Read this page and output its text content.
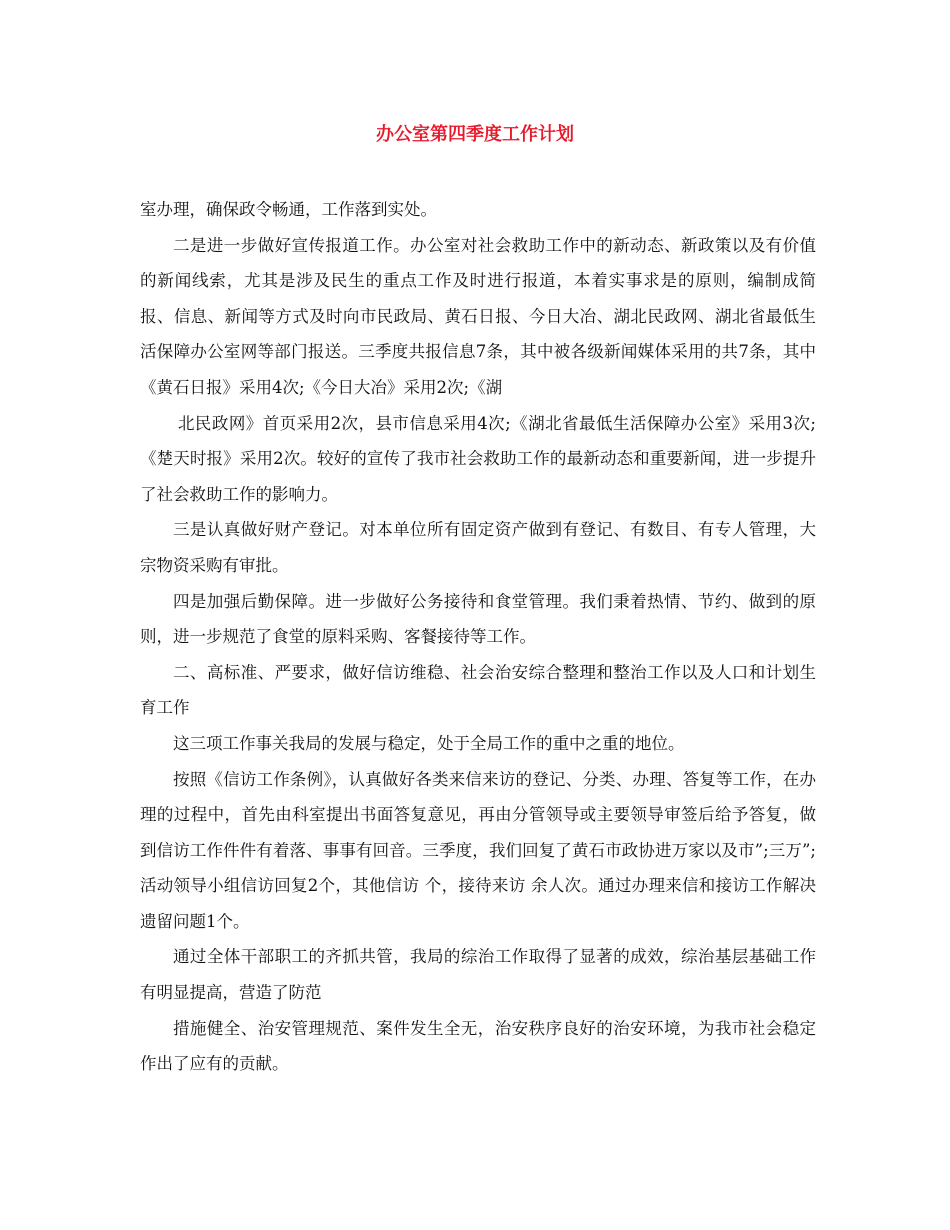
办公室第四季度工作计划

室办理，确保政令畅通，工作落到实处。

二是进一步做好宣传报道工作。办公室对社会救助工作中的新动态、新政策以及有价值的新闻线索，尤其是涉及民生的重点工作及时进行报道，本着实事求是的原则，编制成简报、信息、新闻等方式及时向市民政局、黄石日报、今日大冶、湖北民政网、湖北省最低生活保障办公室网等部门报送。三季度共报信息7条，其中被各级新闻媒体采用的共7条，其中《黄石日报》采用4次;《今日大冶》采用2次;《湖

北民政网》首页采用2次，县市信息采用4次;《湖北省最低生活保障办公室》采用3次;《楚天时报》采用2次。较好的宣传了我市社会救助工作的最新动态和重要新闻，进一步提升了社会救助工作的影响力。

三是认真做好财产登记。对本单位所有固定资产做到有登记、有数目、有专人管理，大宗物资采购有审批。

四是加强后勤保障。进一步做好公务接待和食堂管理。我们秉着热情、节约、做到的原则，进一步规范了食堂的原料采购、客餐接待等工作。

二、高标准、严要求，做好信访维稳、社会治安综合整理和整治工作以及人口和计划生育工作

这三项工作事关我局的发展与稳定，处于全局工作的重中之重的地位。

按照《信访工作条例》，认真做好各类来信来访的登记、分类、办理、答复等工作，在办理的过程中，首先由科室提出书面答复意见，再由分管领导或主要领导审签后给予答复，做到信访工作件件有着落、事事有回音。三季度，我们回复了黄石市政协进万家以及市”;三万”;活动领导小组信访回复2个，其他信访 个，接待来访 余人次。通过办理来信和接访工作解决遗留问题1个。

通过全体干部职工的齐抓共管，我局的综治工作取得了显著的成效，综治基层基础工作有明显提高，营造了防范

措施健全、治安管理规范、案件发生全无，治安秩序良好的治安环境，为我市社会稳定作出了应有的贡献。
